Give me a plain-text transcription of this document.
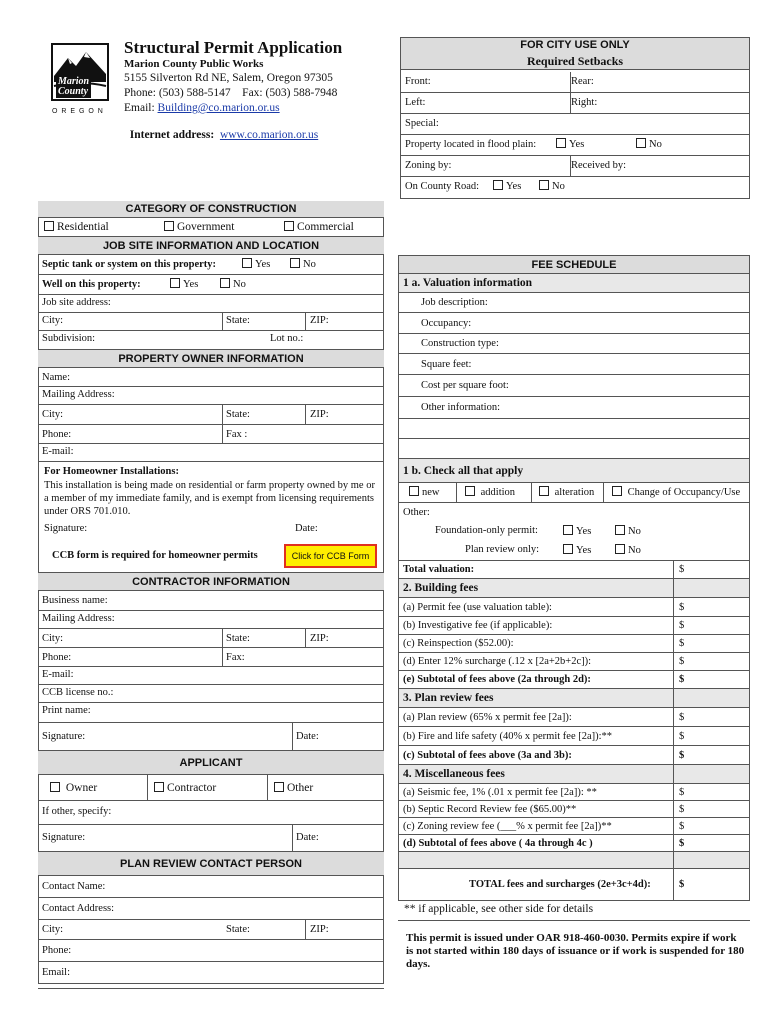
Marion
County
O R E G O N
Structural Permit Application
Marion County Public Works
5155 Silverton Rd NE, Salem, Oregon 97305
Phone: (503) 588-5147    Fax: (503) 588-7948
Email: Building@co.marion.or.us

Internet address:  www.co.marion.or.us

FOR CITY USE ONLY
Required Setbacks
Front:	Rear:
Left:	Right:
Special:
Property located in flood plain:	Yes	No
Zoning by:	Received by:
On County Road:	Yes	No
CATEGORY OF CONSTRUCTION
Residential	Government	Commercial
JOB SITE INFORMATION AND LOCATION
Septic tank or system on this property:	Yes	No
Well on this property:	Yes	No
Job site address:
City:	State:	ZIP:
Subdivision:	Lot no.:
PROPERTY OWNER INFORMATION
Name:
Mailing Address:
City:	State:	ZIP:
Phone:	Fax :
E-mail:
For Homeowner Installations:
This installation is being made on residential or farm property owned by me or a member of my immediate family, and is exempt from licensing requirements under ORS 701.010.
Signature:	Date:
CCB form is required for homeowner permits	Click for CCB Form
CONTRACTOR INFORMATION
Business name:
Mailing Address:
City:	State:	ZIP:
Phone:	Fax:
E-mail:
CCB license no.:
Print name:
Signature:	Date:
APPLICANT
Owner	Contractor	Other
If other, specify:
Signature:	Date:
PLAN REVIEW CONTACT PERSON
Contact Name:
Contact Address:
City:	State:	ZIP:
Phone:
Email:
FEE SCHEDULE
1 a. Valuation information
Job description:
Occupancy:
Construction type:
Square feet:
Cost per square foot:
Other information:
1 b. Check all that apply
new	addition	alteration	Change of Occupancy/Use
Other:
Foundation-only permit:	Yes	No
Plan review only:	Yes	No
Total valuation:	$
2. Building fees
(a) Permit fee (use valuation table):	$
(b) Investigative fee (if applicable):	$
(c) Reinspection ($52.00):	$
(d) Enter 12% surcharge (.12 x [2a+2b+2c]):	$
(e) Subtotal of fees above (2a through 2d):	$
3. Plan review fees
(a) Plan review (65% x permit fee [2a]):	$
(b) Fire and life safety (40% x permit fee [2a]):**	$
(c) Subtotal of fees above (3a and 3b):	$
4. Miscellaneous fees
(a) Seismic fee, 1% (.01 x permit fee [2a]): **	$
(b) Septic Record Review fee ($65.00)**	$
(c) Zoning review fee (___% x permit fee [2a])**	$
(d) Subtotal of fees above ( 4a through 4c )	$
TOTAL fees and surcharges (2e+3c+4d):	$
** if applicable, see other side for details
This permit is issued under OAR 918-460-0030. Permits expire if work is not started within 180 days of issuance or if work is suspended for 180 days.
